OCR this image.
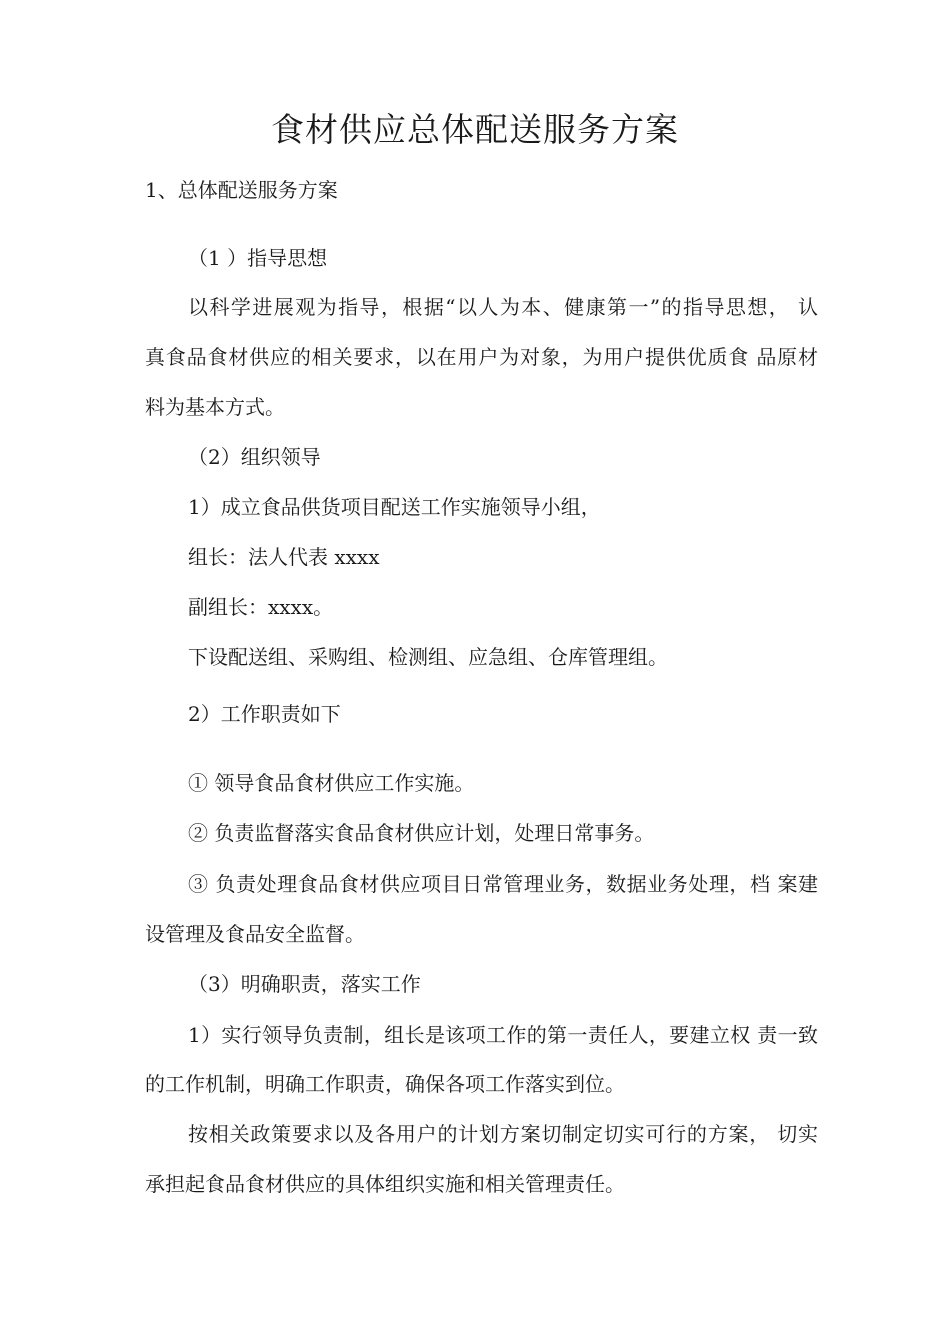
食材供应总体配送服务方案
1、总体配送服务方案
（1 ）指导思想
以科学进展观为指导，根据“以人为本、健康第一”的指导思想， 认
真食品食材供应的相关要求，以在用户为对象，为用户提供优质食 品原材
料为基本方式。
（2）组织领导
1）成立食品供货项目配送工作实施领导小组，
组长：法人代表 xxxx
副组长：xxxx。
下设配送组、采购组、检测组、应急组、仓库管理组。
2）工作职责如下
① 领导食品食材供应工作实施。
② 负责监督落实食品食材供应计划，处理日常事务。
③ 负责处理食品食材供应项目日常管理业务，数据业务处理，档 案建
设管理及食品安全监督。
（3）明确职责，落实工作
1）实行领导负责制，组长是该项工作的第一责任人，要建立权 责一致
的工作机制，明确工作职责，确保各项工作落实到位。
按相关政策要求以及各用户的计划方案切制定切实可行的方案， 切实
承担起食品食材供应的具体组织实施和相关管理责任。
